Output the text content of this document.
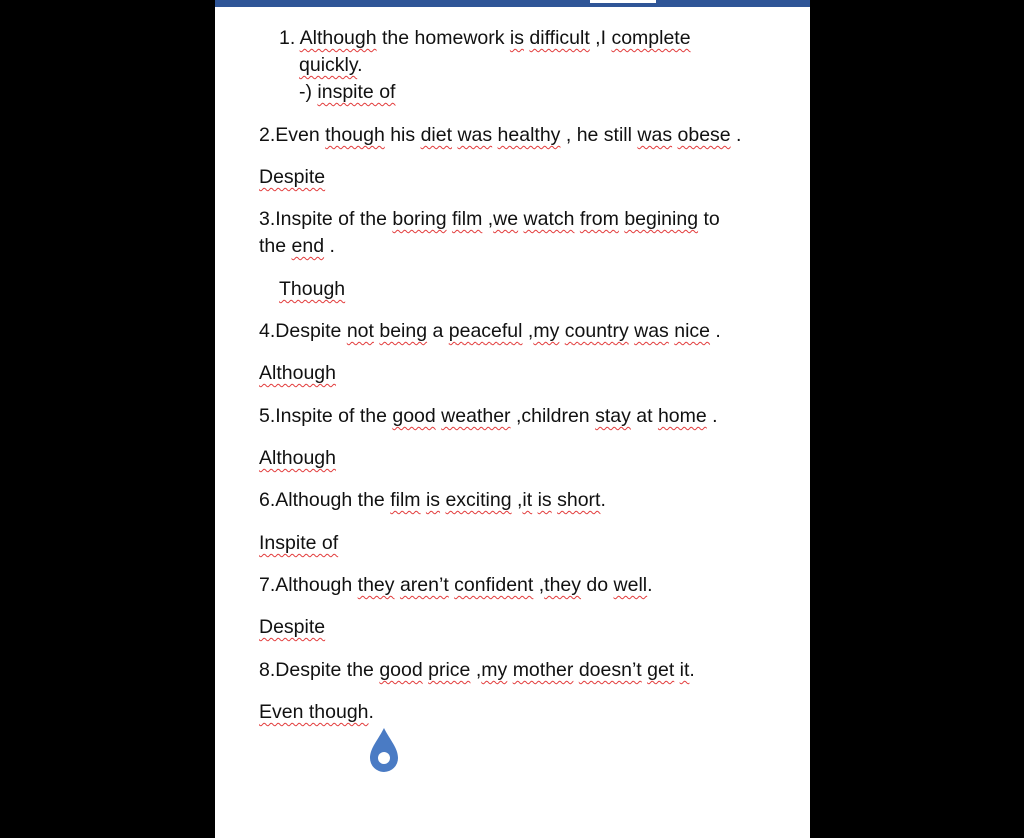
1. Although the homework is difficult ,I complete
quickly.
-) inspite of
2.Even though his diet was healthy , he still was obese .
Despite
3.Inspite of the boring film ,we watch from begining to
the end .
Though
4.Despite not being a peaceful ,my country was nice .
Although
5.Inspite of the good weather ,children stay at home .
Although
6.Although the film is exciting ,it is short.
Inspite of
7.Although they aren’t confident ,they do well.
Despite
8.Despite the good price ,my mother doesn’t get it.
Even though.
